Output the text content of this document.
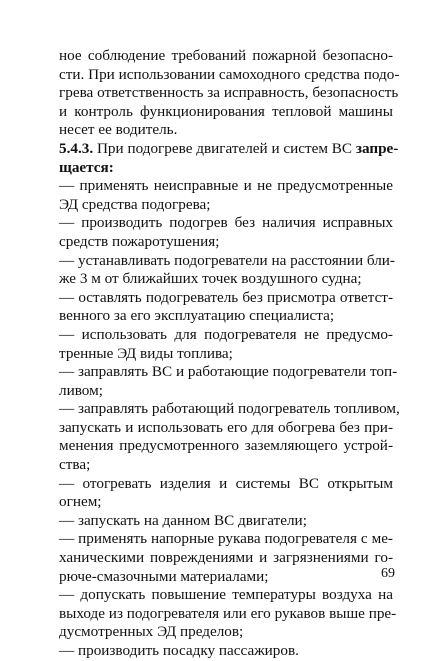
ное соблюдение требований пожарной безопасно-
сти. При использовании самоходного средства подо-
грева ответственность за исправность, безопасность
и контроль функционирования тепловой машины
несет ее водитель.
5.4.3. При подогреве двигателей и систем ВС запре-
щается:
— применять неисправные и не предусмотренные
ЭД средства подогрева;
— производить подогрев без наличия исправных
средств пожаротушения;
— устанавливать подогреватели на расстоянии бли-
же 3 м от ближайших точек воздушного судна;
— оставлять подогреватель без присмотра ответст-
венного за его эксплуатацию специалиста;
— использовать для подогревателя не предусмо-
тренные ЭД виды топлива;
— заправлять ВС и работающие подогреватели топ-
ливом;
— заправлять работающий подогреватель топливом,
запускать и использовать его для обогрева без при-
менения предусмотренного заземляющего устрой-
ства;
— отогревать изделия и системы ВС открытым
огнем;
— запускать на данном ВС двигатели;
— применять напорные рукава подогревателя с ме-
ханическими повреждениями и загрязнениями го-
рюче-смазочными материалами;
— допускать повышение температуры воздуха на
выходе из подогревателя или его рукавов выше пре-
дусмотренных ЭД пределов;
— производить посадку пассажиров.
69
